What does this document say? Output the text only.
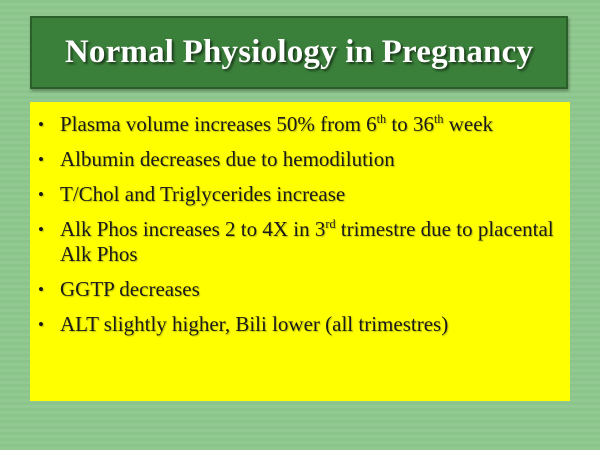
Normal Physiology in Pregnancy
• Plasma volume increases 50% from 6th to 36th week
• Albumin decreases due to hemodilution
• T/Chol and Triglycerides increase
• Alk Phos increases 2 to 4X in 3rd trimestre due to placental Alk Phos
• GGTP decreases
• ALT slightly higher, Bili lower (all trimestres)
